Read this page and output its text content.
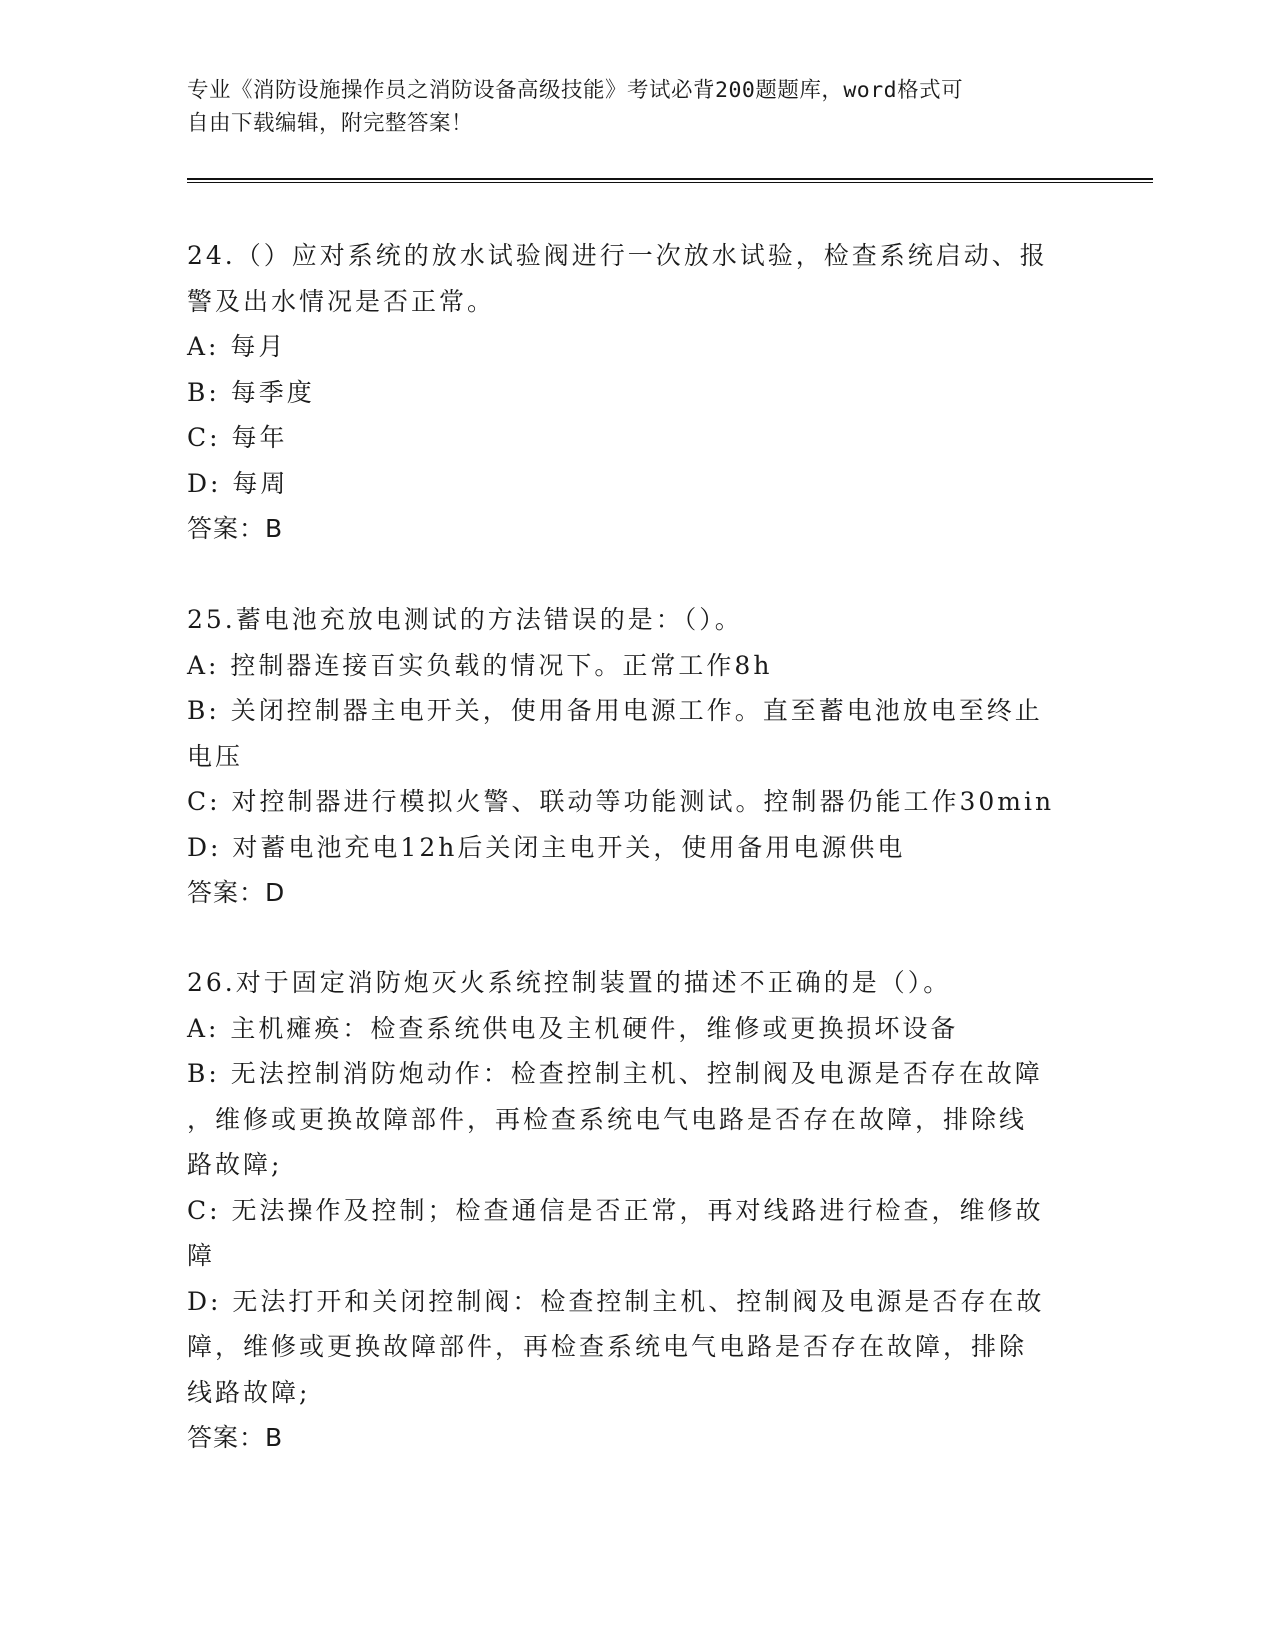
专业《消防设施操作员之消防设备高级技能》考试必背200题题库，word格式可
自由下载编辑，附完整答案！
24.（）应对系统的放水试验阀进行一次放水试验，检查系统启动、报
警及出水情况是否正常。
A: 每月
B: 每季度
C: 每年
D: 每周
答案：B
25.蓄电池充放电测试的方法错误的是：（）。
A: 控制器连接百实负载的情况下。正常工作8h
B: 关闭控制器主电开关，使用备用电源工作。直至蓄电池放电至终止
电压
C: 对控制器进行模拟火警、联动等功能测试。控制器仍能工作30min
D: 对蓄电池充电12h后关闭主电开关，使用备用电源供电
答案：D
26.对于固定消防炮灭火系统控制装置的描述不正确的是（）。
A: 主机瘫痪：检查系统供电及主机硬件，维修或更换损坏设备
B: 无法控制消防炮动作：检查控制主机、控制阀及电源是否存在故障
，维修或更换故障部件，再检查系统电气电路是否存在故障，排除线
路故障;
C: 无法操作及控制；检查通信是否正常，再对线路进行检查，维修故
障
D: 无法打开和关闭控制阀：检查控制主机、控制阀及电源是否存在故
障，维修或更换故障部件，再检查系统电气电路是否存在故障，排除
线路故障;
答案：B
